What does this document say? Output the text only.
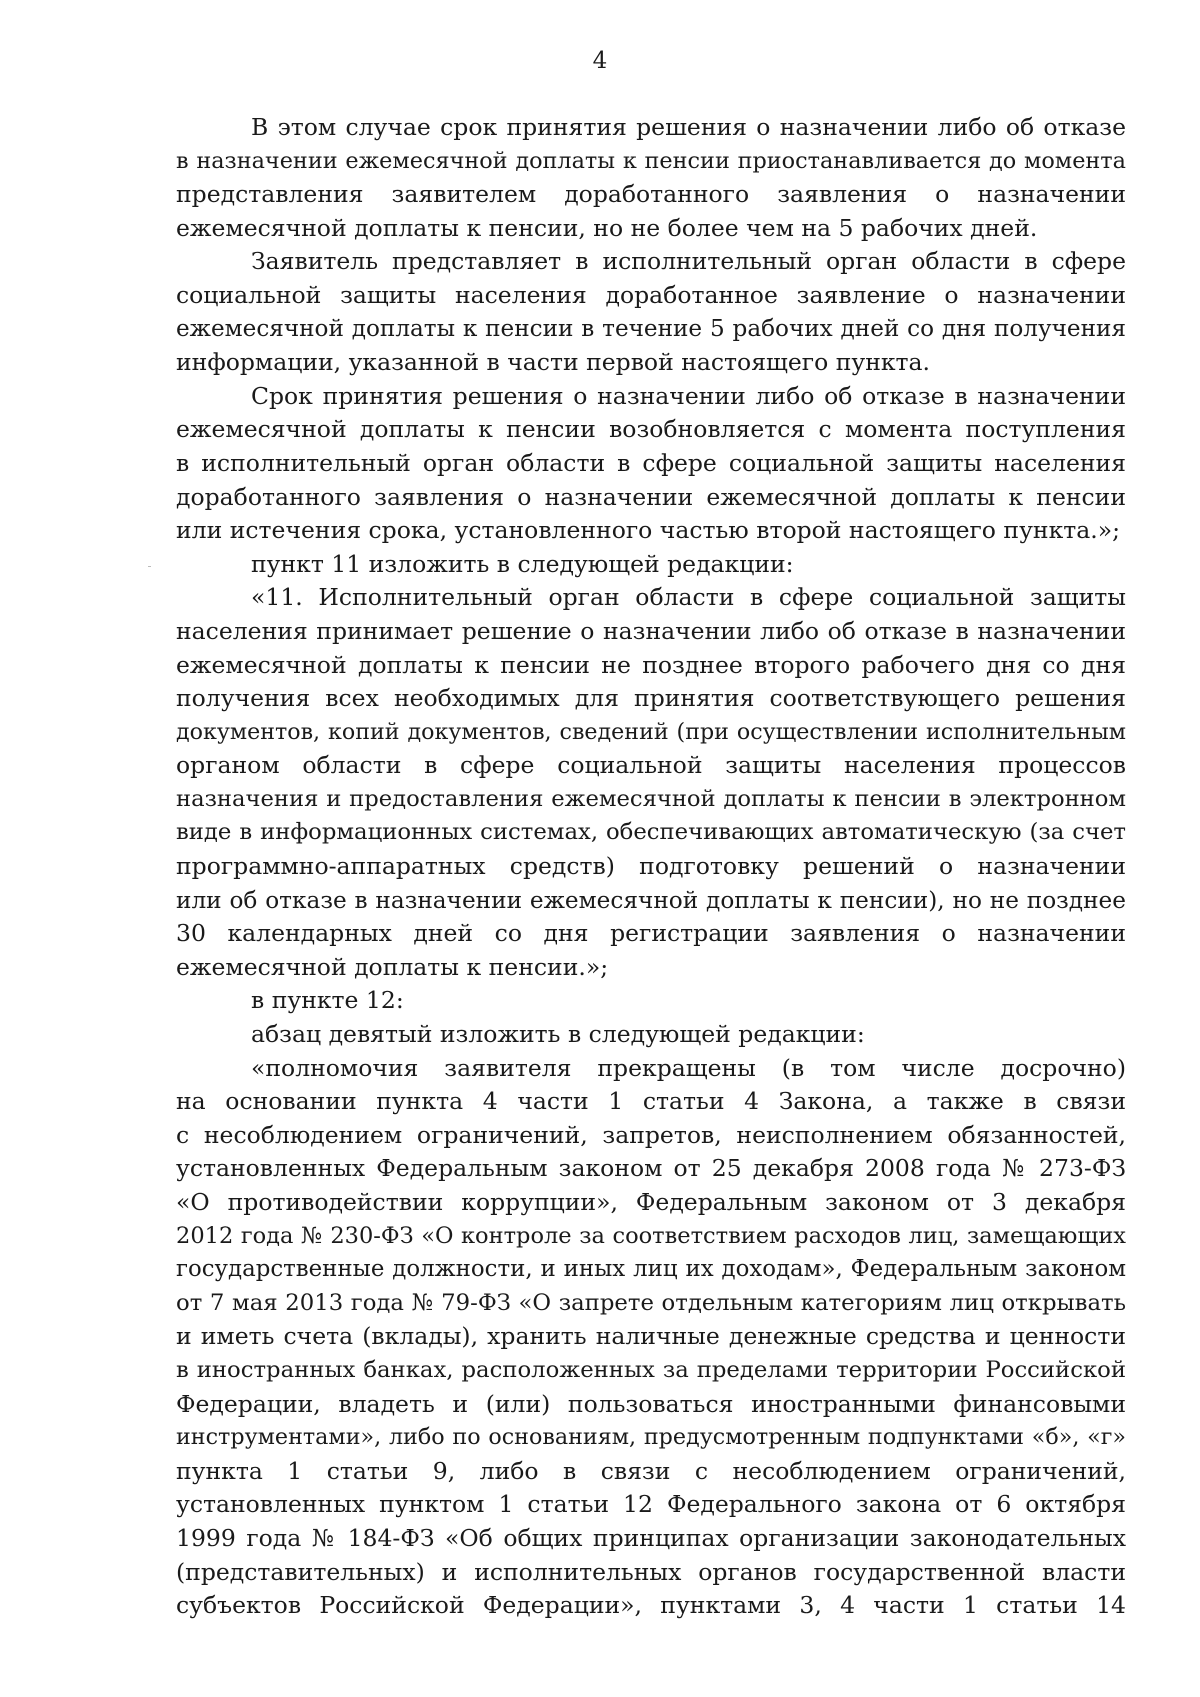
4
В этом случае срок принятия решения о назначении либо об отказе
в назначении ежемесячной доплаты к пенсии приостанавливается до момента
представления заявителем доработанного заявления о назначении
ежемесячной доплаты к пенсии, но не более чем на 5 рабочих дней.
Заявитель представляет в исполнительный орган области в сфере
социальной защиты населения доработанное заявление о назначении
ежемесячной доплаты к пенсии в течение 5 рабочих дней со дня получения
информации, указанной в части первой настоящего пункта.
Срок принятия решения о назначении либо об отказе в назначении
ежемесячной доплаты к пенсии возобновляется с момента поступления
в исполнительный орган области в сфере социальной защиты населения
доработанного заявления о назначении ежемесячной доплаты к пенсии
или истечения срока, установленного частью второй настоящего пункта.»;
пункт 11 изложить в следующей редакции:
«11. Исполнительный орган области в сфере социальной защиты
населения принимает решение о назначении либо об отказе в назначении
ежемесячной доплаты к пенсии не позднее второго рабочего дня со дня
получения всех необходимых для принятия соответствующего решения
документов, копий документов, сведений (при осуществлении исполнительным
органом области в сфере социальной защиты населения процессов
назначения и предоставления ежемесячной доплаты к пенсии в электронном
виде в информационных системах, обеспечивающих автоматическую (за счет
программно-аппаратных средств) подготовку решений о назначении
или об отказе в назначении ежемесячной доплаты к пенсии), но не позднее
30 календарных дней со дня регистрации заявления о назначении
ежемесячной доплаты к пенсии.»;
в пункте 12:
абзац девятый изложить в следующей редакции:
«полномочия заявителя прекращены (в том числе досрочно)
на основании пункта 4 части 1 статьи 4 Закона, а также в связи
с несоблюдением ограничений, запретов, неисполнением обязанностей,
установленных Федеральным законом от 25 декабря 2008 года № 273-ФЗ
«О противодействии коррупции», Федеральным законом от 3 декабря
2012 года № 230-ФЗ «О контроле за соответствием расходов лиц, замещающих
государственные должности, и иных лиц их доходам», Федеральным законом
от 7 мая 2013 года № 79-ФЗ «О запрете отдельным категориям лиц открывать
и иметь счета (вклады), хранить наличные денежные средства и ценности
в иностранных банках, расположенных за пределами территории Российской
Федерации, владеть и (или) пользоваться иностранными финансовыми
инструментами», либо по основаниям, предусмотренным подпунктами «б», «г»
пункта 1 статьи 9, либо в связи с несоблюдением ограничений,
установленных пунктом 1 статьи 12 Федерального закона от 6 октября
1999 года № 184-ФЗ «Об общих принципах организации законодательных
(представительных) и исполнительных органов государственной власти
субъектов Российской Федерации», пунктами 3, 4 части 1 статьи 14
